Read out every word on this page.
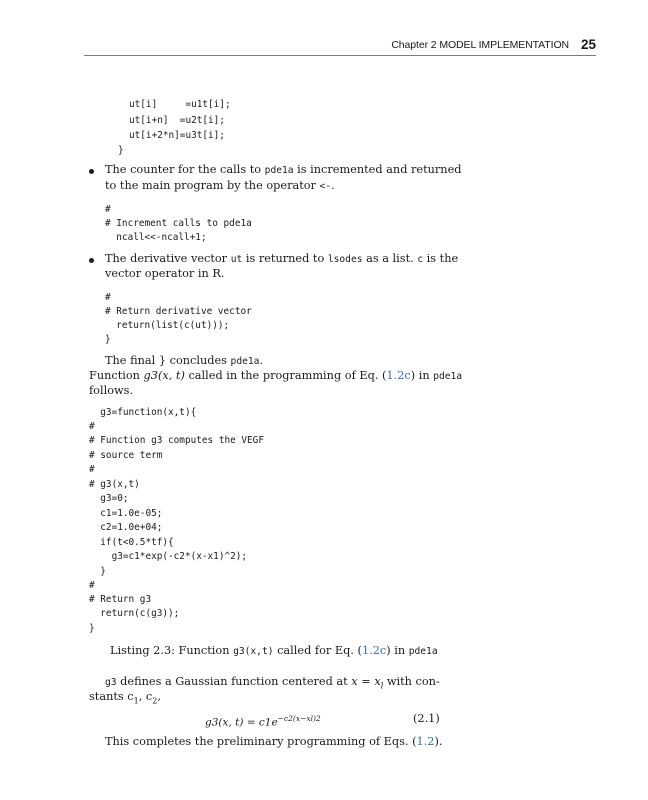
Chapter 2 MODEL IMPLEMENTATION 25
ut[i]     =u1t[i];
ut[i+n]  =u2t[i];
ut[i+2*n]=u3t[i];
}
The counter for the calls to pde1a is incremented and returned
to the main program by the operator <-.
#
# Increment calls to pde1a
ncall<<-ncall+1;
The derivative vector ut is returned to lsodes as a list. c is the
vector operator in R.
#
# Return derivative vector
return(list(c(ut)));
}
The final } concludes pde1a.
Function g3(x, t) called in the programming of Eq. (1.2c) in pde1a
follows.
g3=function(x,t){
#
# Function g3 computes the VEGF
# source term
#
# g3(x,t)
g3=0;
c1=1.0e-05;
c2=1.0e+04;
if(t<0.5*tf){
g3=c1*exp(-c2*(x-x1)^2);
}
#
# Return g3
return(c(g3));
}
Listing 2.3: Function g3(x,t) called for Eq. (1.2c) in pde1a
g3 defines a Gaussian function centered at $x = x_l$ with con-
stants $c_1$, $c_2$,
g3(x, $t) = c1e^{-c2(x-xl)2}$	(2.1)
This completes the preliminary programming of Eqs. (1.2).
